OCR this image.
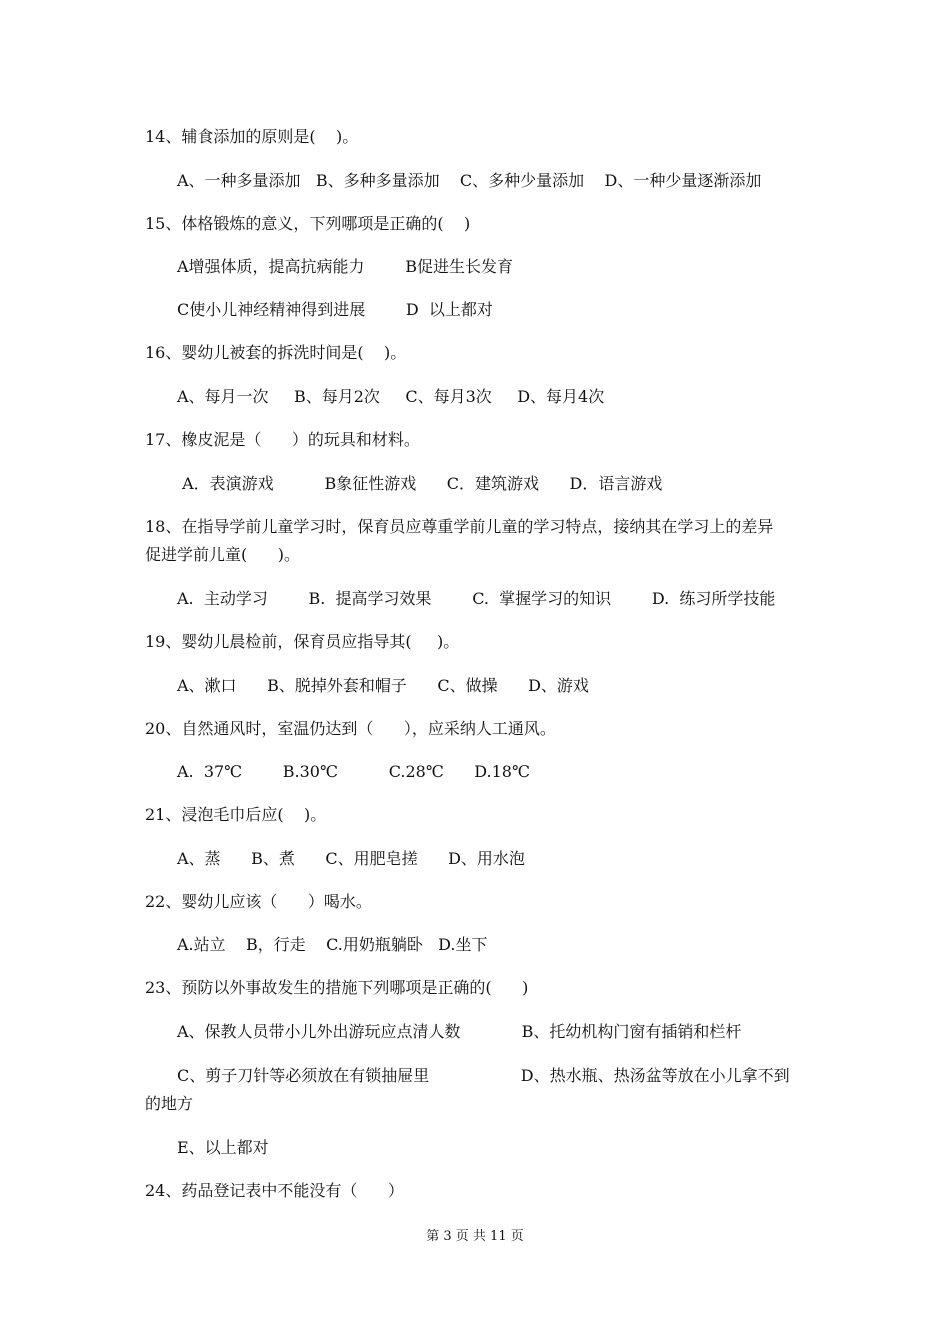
14、辅食添加的原则是(    )。
A、一种多量添加   B、多种多量添加    C、多种少量添加    D、一种少量逐渐添加
15、体格锻炼的意义，下列哪项是正确的(    )
A增强体质，提高抗病能力        B促进生长发育
C使小儿神经精神得到进展        D  以上都对
16、婴幼儿被套的拆洗时间是(    )。
A、每月一次     B、每月2次     C、每月3次     D、每月4次
17、橡皮泥是（      ）的玩具和材料。
A．表演游戏          B象征性游戏      C．建筑游戏      D．语言游戏
18、在指导学前儿童学习时，保育员应尊重学前儿童的学习特点，接纳其在学习上的差异
促进学前儿童(      )。
A.  主动学习        B.  提高学习效果        C.  掌握学习的知识        D.  练习所学技能
19、婴幼儿晨检前，保育员应指导其(     )。
A、漱口      B、脱掉外套和帽子      C、做操      D、游戏
20、自然通风时，室温仍达到（      ），应采纳人工通风。
A.  37℃        B.30℃          C.28℃      D.18℃
21、浸泡毛巾后应(    )。
A、蒸      B、煮      C、用肥皂搓      D、用水泡
22、婴幼儿应该（      ）喝水。
A.站立    B，行走    C.用奶瓶躺卧   D.坐下
23、预防以外事故发生的措施下列哪项是正确的(      )
A、保教人员带小儿外出游玩应点清人数            B、托幼机构门窗有插销和栏杆
C、剪子刀针等必须放在有锁抽屉里                  D、热水瓶、热汤盆等放在小儿拿不到
的地方
E、以上都对
24、药品登记表中不能没有（      ）
第 3 页 共 11 页
